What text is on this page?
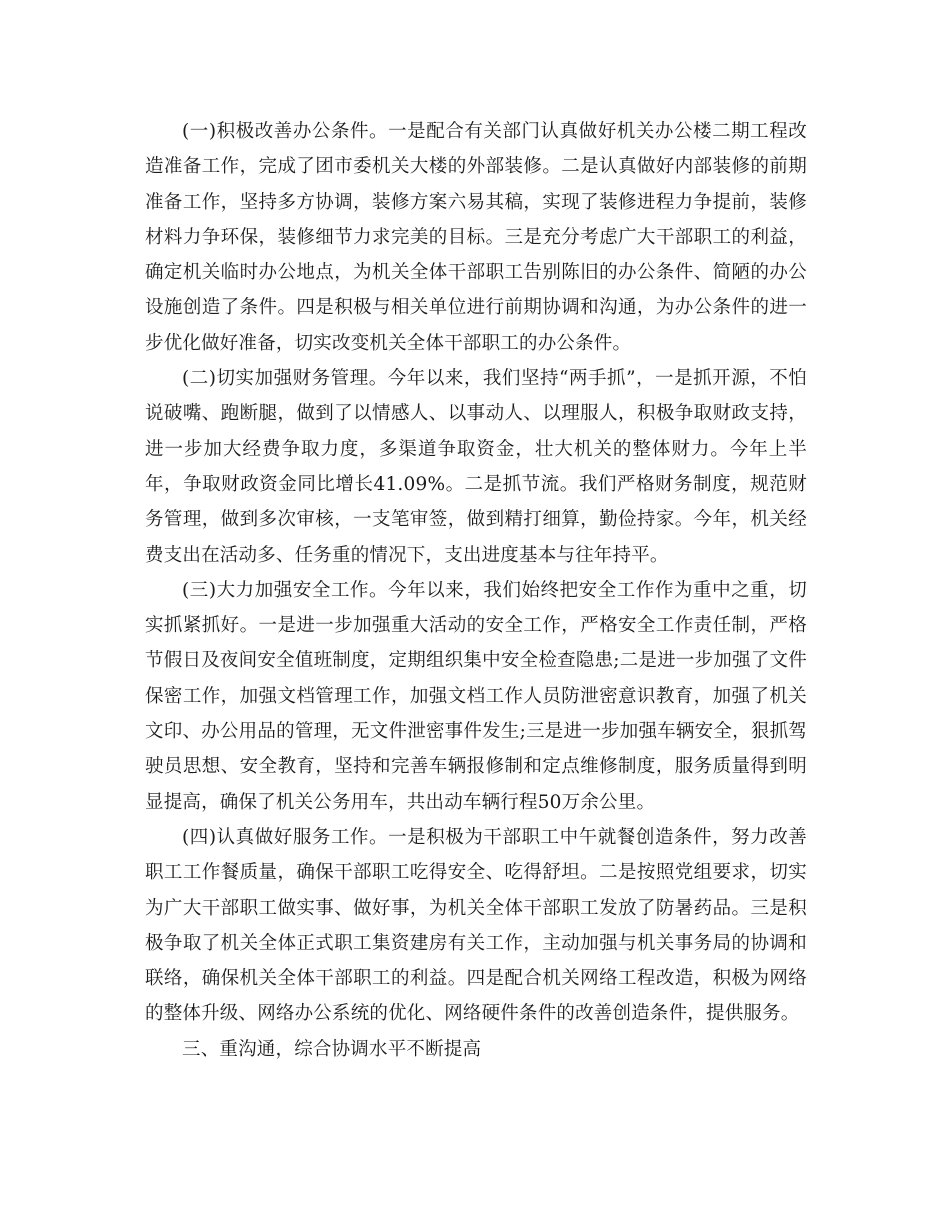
(一)积极改善办公条件。一是配合有关部门认真做好机关办公楼二期工程改造准备工作，完成了团市委机关大楼的外部装修。二是认真做好内部装修的前期准备工作，坚持多方协调，装修方案六易其稿，实现了装修进程力争提前，装修材料力争环保，装修细节力求完美的目标。三是充分考虑广大干部职工的利益，确定机关临时办公地点，为机关全体干部职工告别陈旧的办公条件、简陋的办公设施创造了条件。四是积极与相关单位进行前期协调和沟通，为办公条件的进一步优化做好准备，切实改变机关全体干部职工的办公条件。

(二)切实加强财务管理。今年以来，我们坚持“两手抓”，一是抓开源，不怕说破嘴、跑断腿，做到了以情感人、以事动人、以理服人，积极争取财政支持，进一步加大经费争取力度，多渠道争取资金，壮大机关的整体财力。今年上半年，争取财政资金同比增长41.09%。二是抓节流。我们严格财务制度，规范财务管理，做到多次审核，一支笔审签，做到精打细算，勤俭持家。今年，机关经费支出在活动多、任务重的情况下，支出进度基本与往年持平。

(三)大力加强安全工作。今年以来，我们始终把安全工作作为重中之重，切实抓紧抓好。一是进一步加强重大活动的安全工作，严格安全工作责任制，严格节假日及夜间安全值班制度，定期组织集中安全检查隐患;二是进一步加强了文件保密工作，加强文档管理工作，加强文档工作人员防泄密意识教育，加强了机关文印、办公用品的管理，无文件泄密事件发生;三是进一步加强车辆安全，狠抓驾驶员思想、安全教育，坚持和完善车辆报修制和定点维修制度，服务质量得到明显提高，确保了机关公务用车，共出动车辆行程50万余公里。

(四)认真做好服务工作。一是积极为干部职工中午就餐创造条件，努力改善职工工作餐质量，确保干部职工吃得安全、吃得舒坦。二是按照党组要求，切实为广大干部职工做实事、做好事，为机关全体干部职工发放了防暑药品。三是积极争取了机关全体正式职工集资建房有关工作，主动加强与机关事务局的协调和联络，确保机关全体干部职工的利益。四是配合机关网络工程改造，积极为网络的整体升级、网络办公系统的优化、网络硬件条件的改善创造条件，提供服务。

三、重沟通，综合协调水平不断提高
